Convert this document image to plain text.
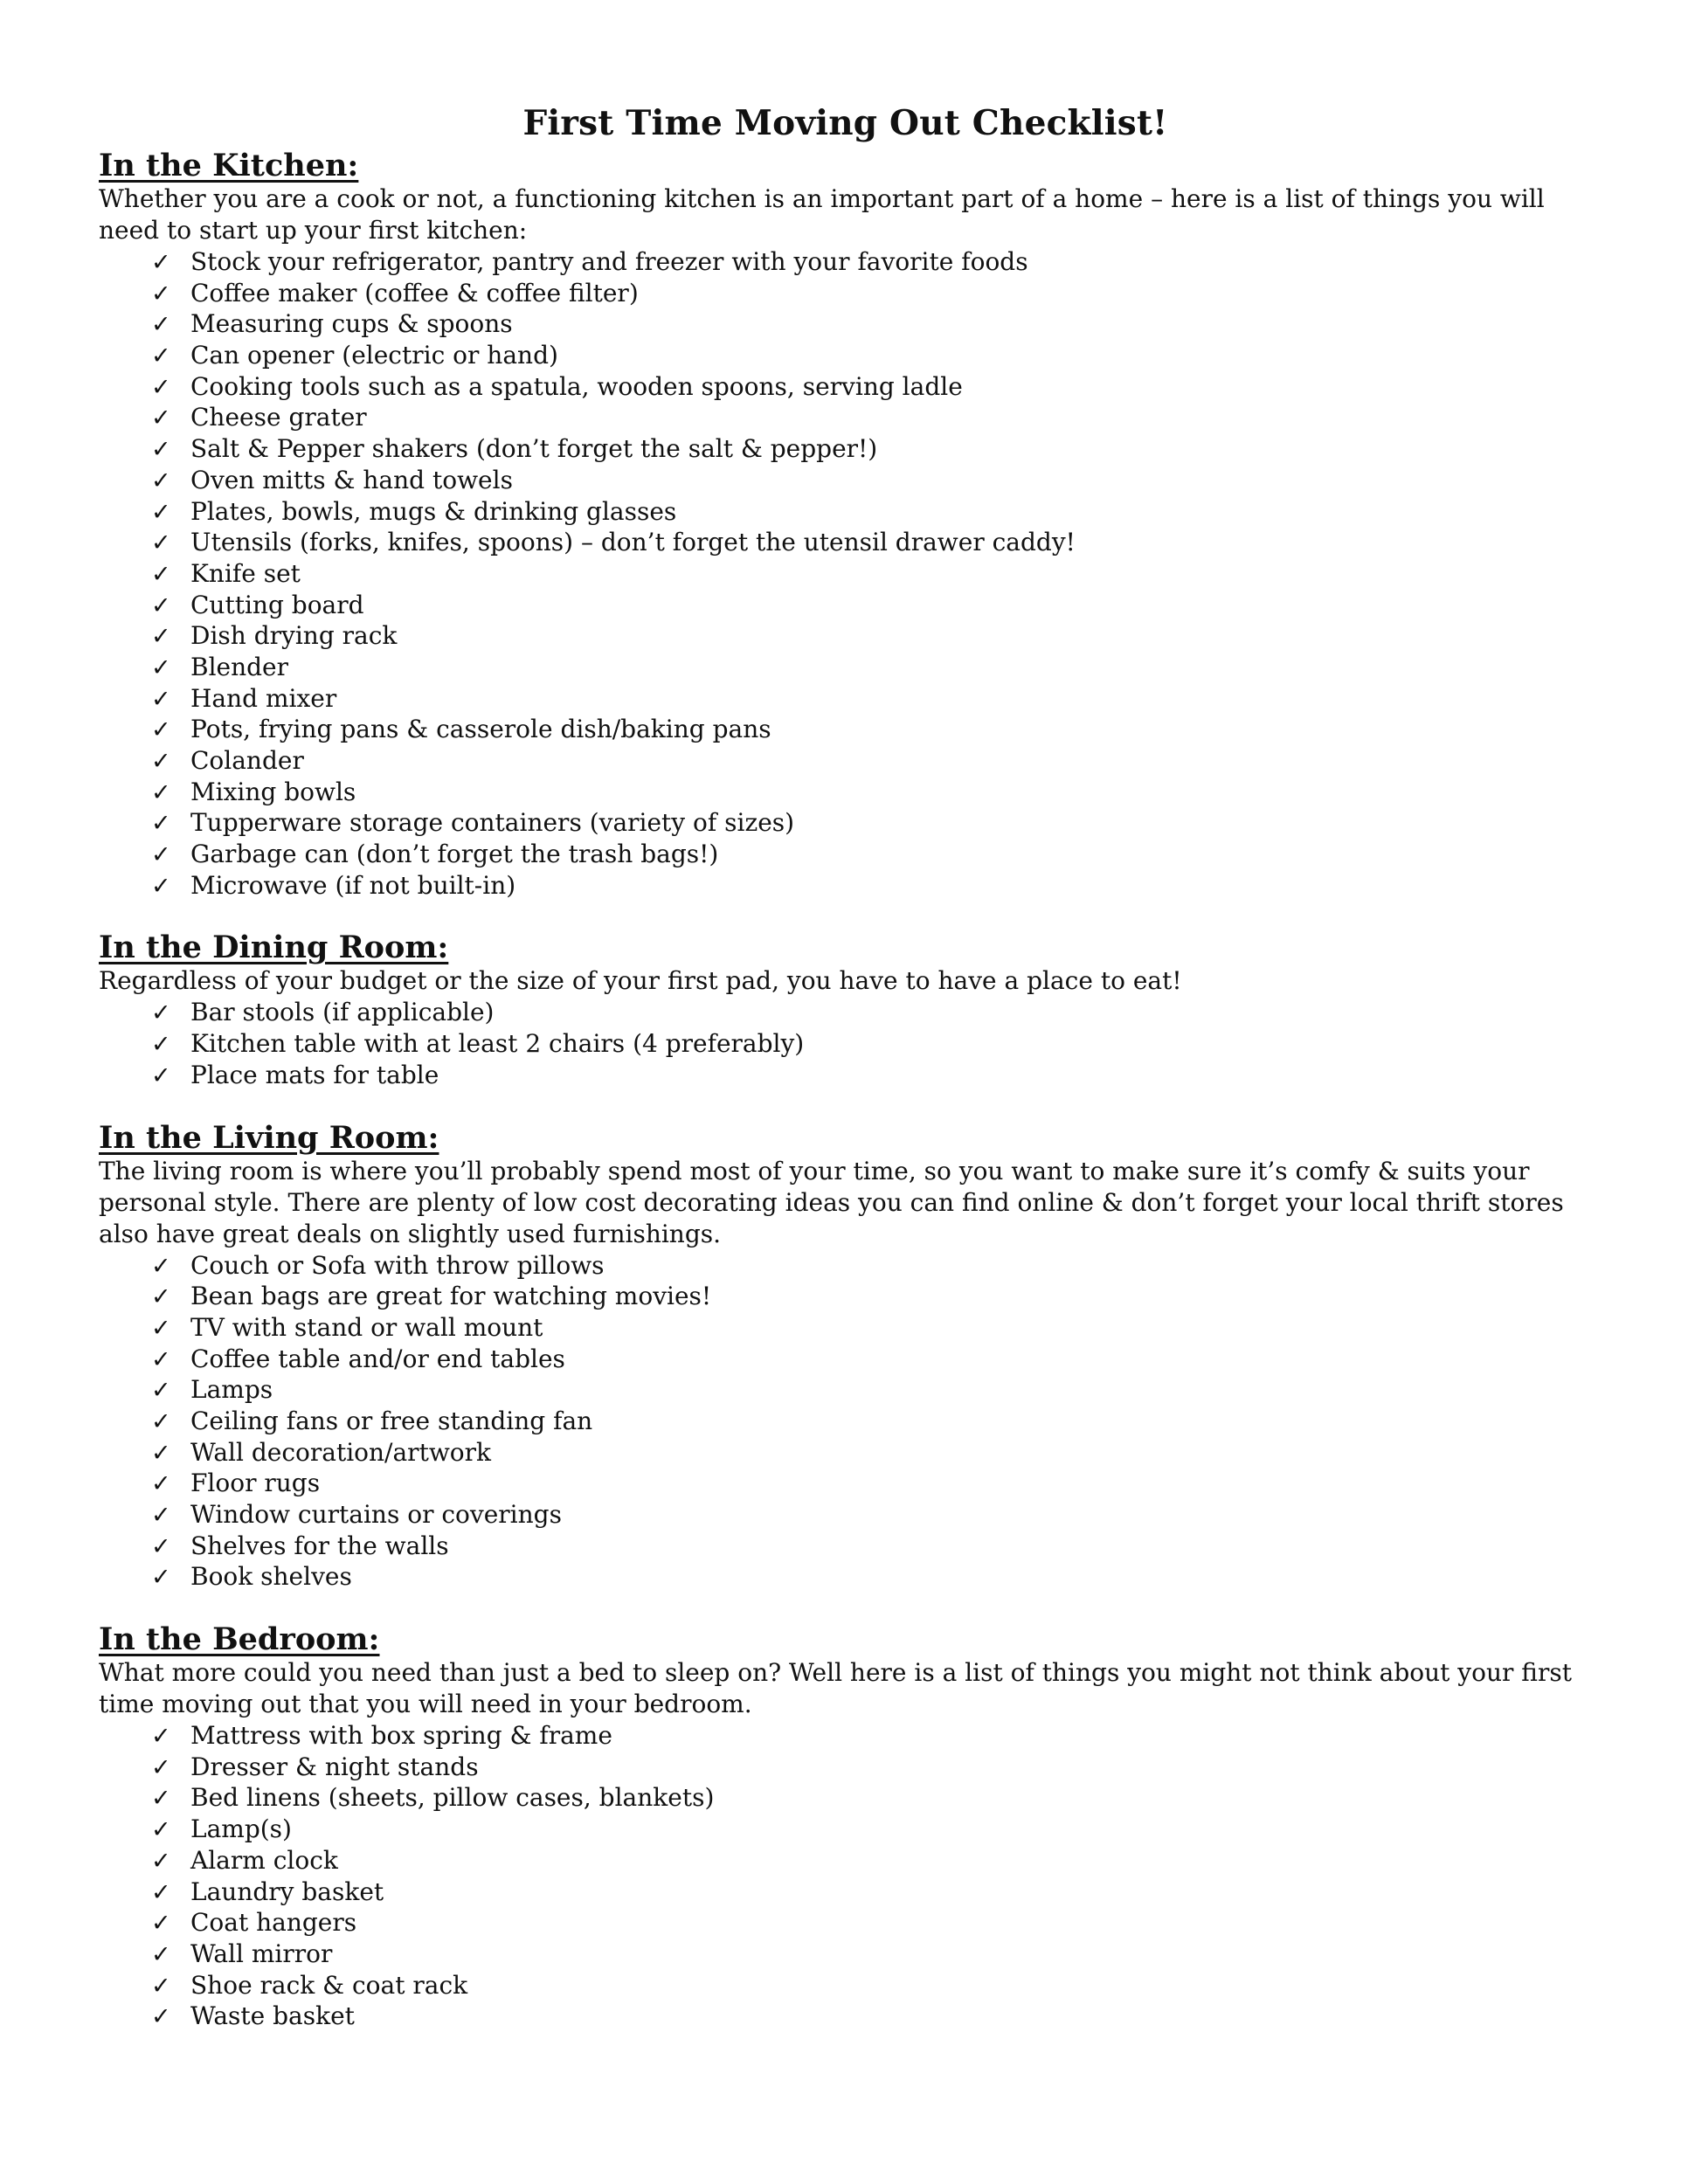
First Time Moving Out Checklist!
In the Kitchen:

Whether you are a cook or not, a functioning kitchen is an important part of a home – here is a list of things you will need to start up your first kitchen:

✓ Stock your refrigerator, pantry and freezer with your favorite foods
✓ Coffee maker (coffee & coffee filter)
✓ Measuring cups & spoons
✓ Can opener (electric or hand)
✓ Cooking tools such as a spatula, wooden spoons, serving ladle
✓ Cheese grater
✓ Salt & Pepper shakers (don’t forget the salt & pepper!)
✓ Oven mitts & hand towels
✓ Plates, bowls, mugs & drinking glasses
✓ Utensils (forks, knifes, spoons) – don’t forget the utensil drawer caddy!
✓ Knife set
✓ Cutting board
✓ Dish drying rack
✓ Blender
✓ Hand mixer
✓ Pots, frying pans & casserole dish/baking pans
✓ Colander
✓ Mixing bowls
✓ Tupperware storage containers (variety of sizes)
✓ Garbage can (don’t forget the trash bags!)
✓ Microwave (if not built-in)
In the Dining Room:

Regardless of your budget or the size of your first pad, you have to have a place to eat!

✓ Bar stools (if applicable)
✓ Kitchen table with at least 2 chairs (4 preferably)
✓ Place mats for table
In the Living Room:

The living room is where you’ll probably spend most of your time, so you want to make sure it’s comfy & suits your personal style. There are plenty of low cost decorating ideas you can find online & don’t forget your local thrift stores also have great deals on slightly used furnishings.

✓ Couch or Sofa with throw pillows
✓ Bean bags are great for watching movies!
✓ TV with stand or wall mount
✓ Coffee table and/or end tables
✓ Lamps
✓ Ceiling fans or free standing fan
✓ Wall decoration/artwork
✓ Floor rugs
✓ Window curtains or coverings
✓ Shelves for the walls
✓ Book shelves
In the Bedroom:

What more could you need than just a bed to sleep on? Well here is a list of things you might not think about your first time moving out that you will need in your bedroom.

✓ Mattress with box spring & frame
✓ Dresser & night stands
✓ Bed linens (sheets, pillow cases, blankets)
✓ Lamp(s)
✓ Alarm clock
✓ Laundry basket
✓ Coat hangers
✓ Wall mirror
✓ Shoe rack & coat rack
✓ Waste basket
